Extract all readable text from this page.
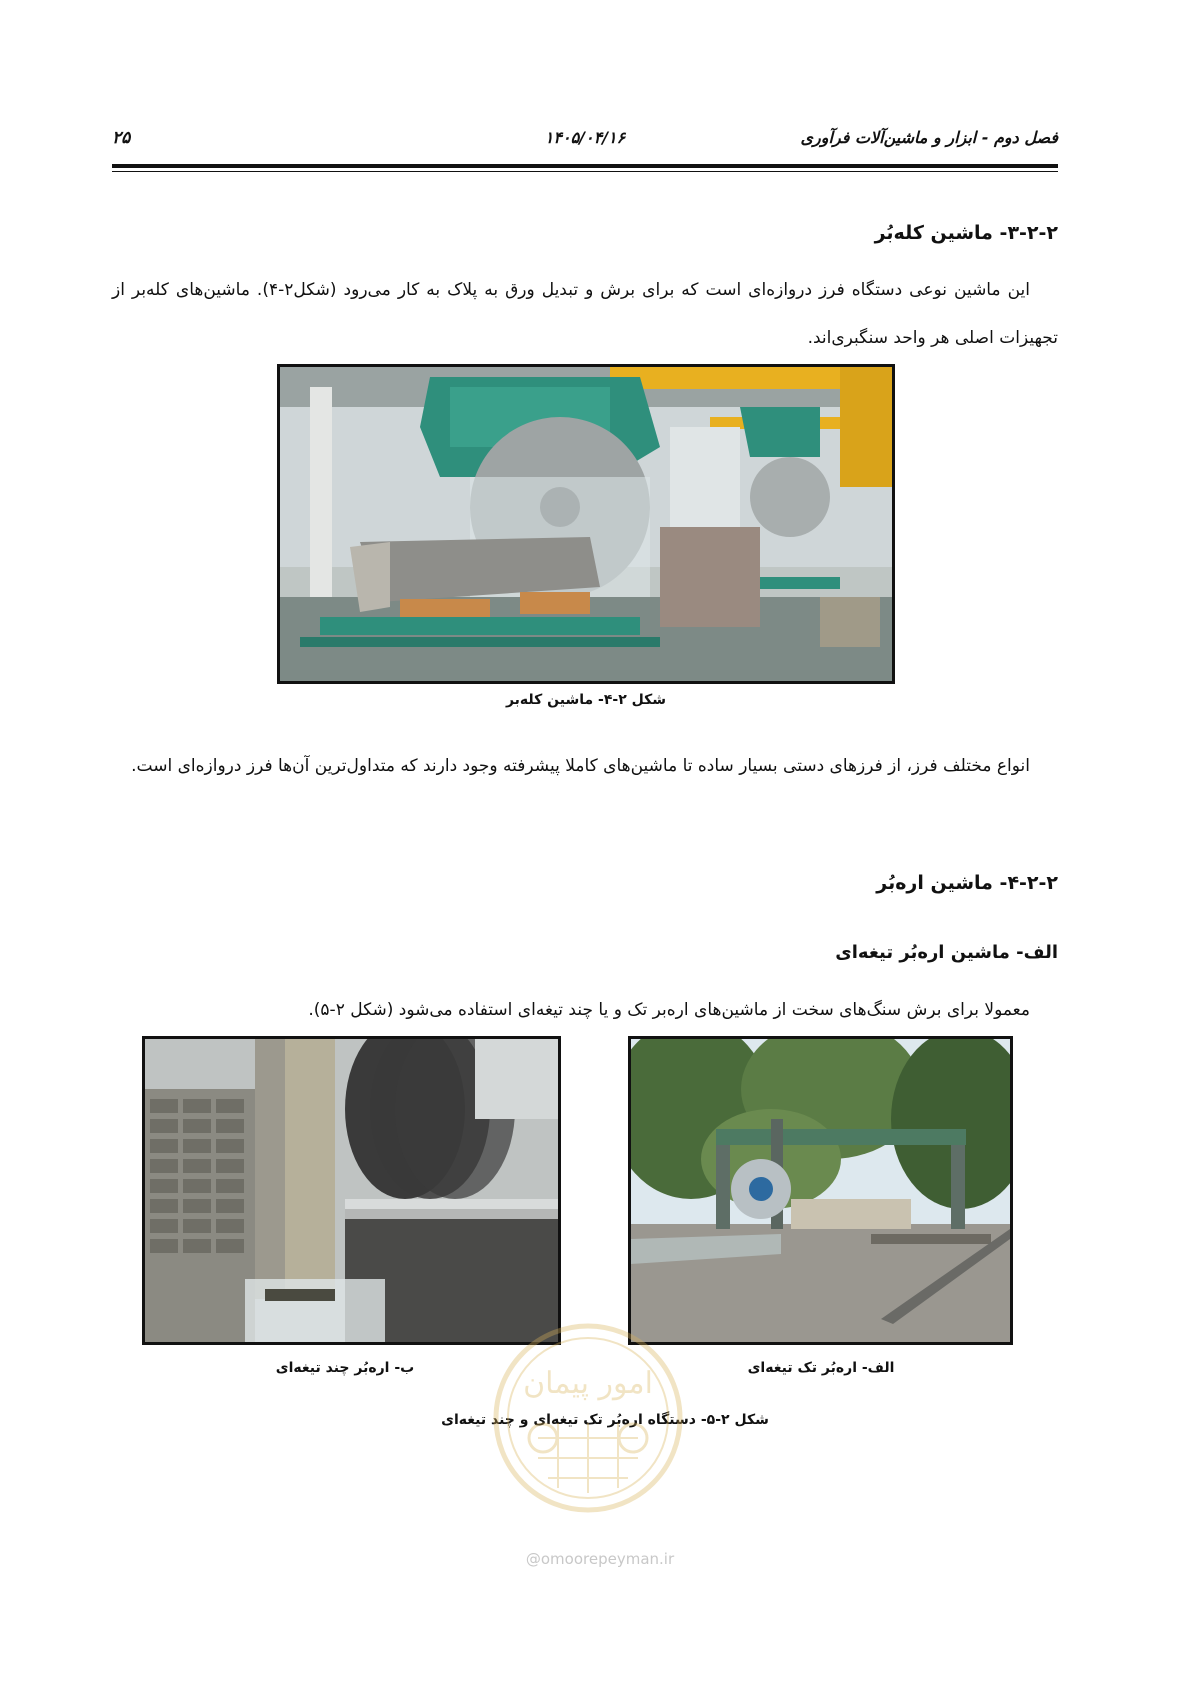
فصل دوم - ابزار و ماشین‌آلات فرآوری
۱۴۰۵/۰۴/۱۶
۲۵
۳-۲-۲- ماشین کله‌بُر
این ماشین نوعی دستگاه فرز دروازه‌ای است که برای برش و تبدیل ورق به پلاک به کار می‌رود (شکل۲-۴). ماشین‌های کله‌بر از تجهیزات اصلی هر واحد سنگبری‌اند.
شکل ۲-۴- ماشین کله‌بر
انواع مختلف فرز، از فرزهای دستی بسیار ساده تا ماشین‌های کاملا پیشرفته وجود دارند که متداول‌ترین آن‌ها فرز دروازه‌ای است.
۴-۲-۲- ماشین اره‌بُر
الف- ماشین اره‌بُر تیغه‌ای
معمولا برای برش سنگ‌های سخت از ماشین‌های اره‌بر تک و یا چند تیغه‌ای استفاده می‌شود (شکل ۲-۵).
الف- اره‌بُر تک تیغه‌ای
ب- اره‌بُر چند تیغه‌ای
شکل ۲-۵- دستگاه اره‌بُر تک تیغه‌ای و چند تیغه‌ای
امور پیمان
@omoorepeyman.ir
